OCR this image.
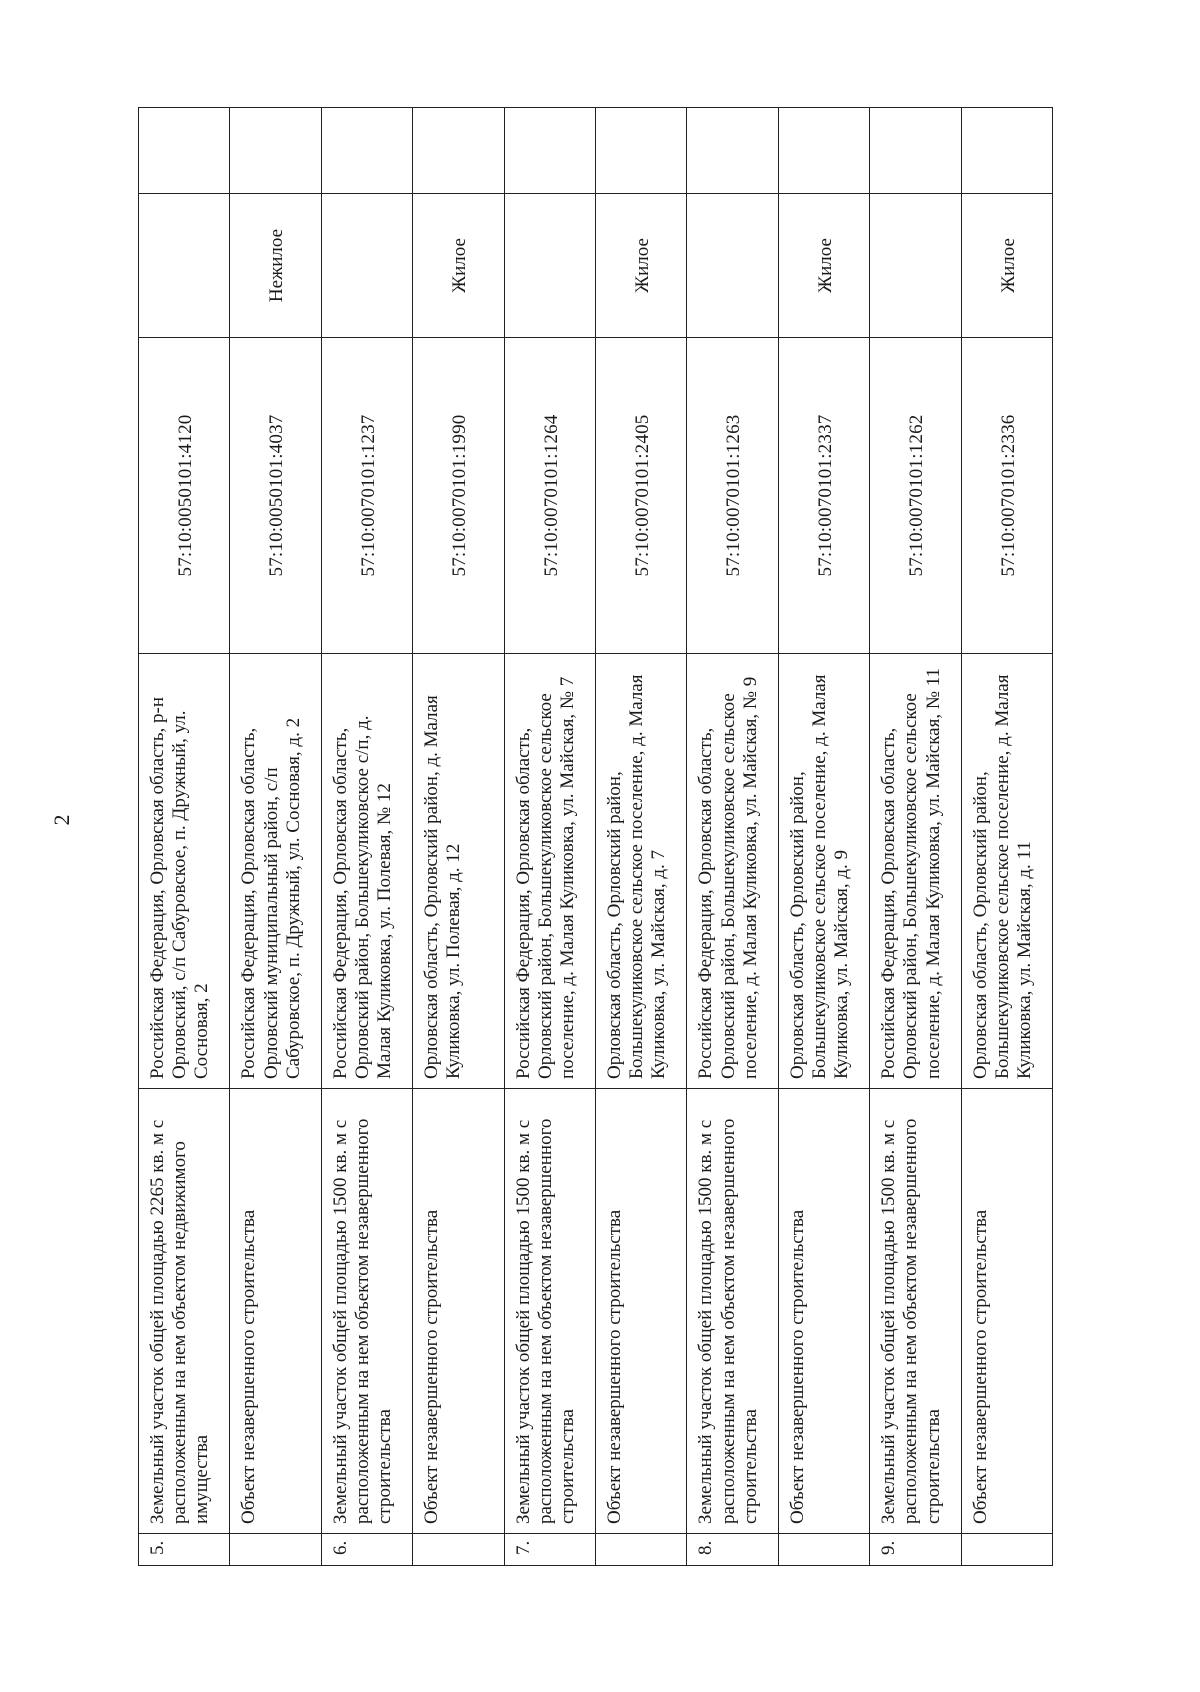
2
5.	Земельный участок общей площадью 2265 кв. м с расположенным на нем объектом недвижимого имущества	Российская Федерация, Орловская область, р-н Орловский, с/п Сабуровское, п. Дружный, ул. Сосновая, 2	57:10:0050101:4120		
	Объект незавершенного строительства	Российская Федерация, Орловская область, Орловский муниципальный район, с/п Сабуровское, п. Дружный, ул. Сосновая, д. 2	57:10:0050101:4037	Нежилое	
6.	Земельный участок общей площадью 1500 кв. м с расположенным на нем объектом незавершенного строительства	Российская Федерация, Орловская область, Орловский район, Большекуликовское с/п, д. Малая Куликовка, ул. Полевая, № 12	57:10:0070101:1237		
	Объект незавершенного строительства	Орловская область, Орловский район, д. Малая Куликовка, ул. Полевая, д. 12	57:10:0070101:1990	Жилое	
7.	Земельный участок общей площадью 1500 кв. м с расположенным на нем объектом незавершенного строительства	Российская Федерация, Орловская область, Орловский район, Большекуликовское сельское поселение, д. Малая Куликовка, ул. Майская, № 7	57:10:0070101:1264		
	Объект незавершенного строительства	Орловская область, Орловский район, Большекуликовское сельское поселение, д. Малая Куликовка, ул. Майская, д. 7	57:10:0070101:2405	Жилое	
8.	Земельный участок общей площадью 1500 кв. м с расположенным на нем объектом незавершенного строительства	Российская Федерация, Орловская область, Орловский район, Большекуликовское сельское поселение, д. Малая Куликовка, ул. Майская, № 9	57:10:0070101:1263		
	Объект незавершенного строительства	Орловская область, Орловский район, Большекуликовское сельское поселение, д. Малая Куликовка, ул. Майская, д. 9	57:10:0070101:2337	Жилое	
9.	Земельный участок общей площадью 1500 кв. м с расположенным на нем объектом незавершенного строительства	Российская Федерация, Орловская область, Орловский район, Большекуликовское сельское поселение, д. Малая Куликовка, ул. Майская, № 11	57:10:0070101:1262		
	Объект незавершенного строительства	Орловская область, Орловский район, Большекуликовское сельское поселение, д. Малая Куликовка, ул. Майская, д. 11	57:10:0070101:2336	Жилое	
